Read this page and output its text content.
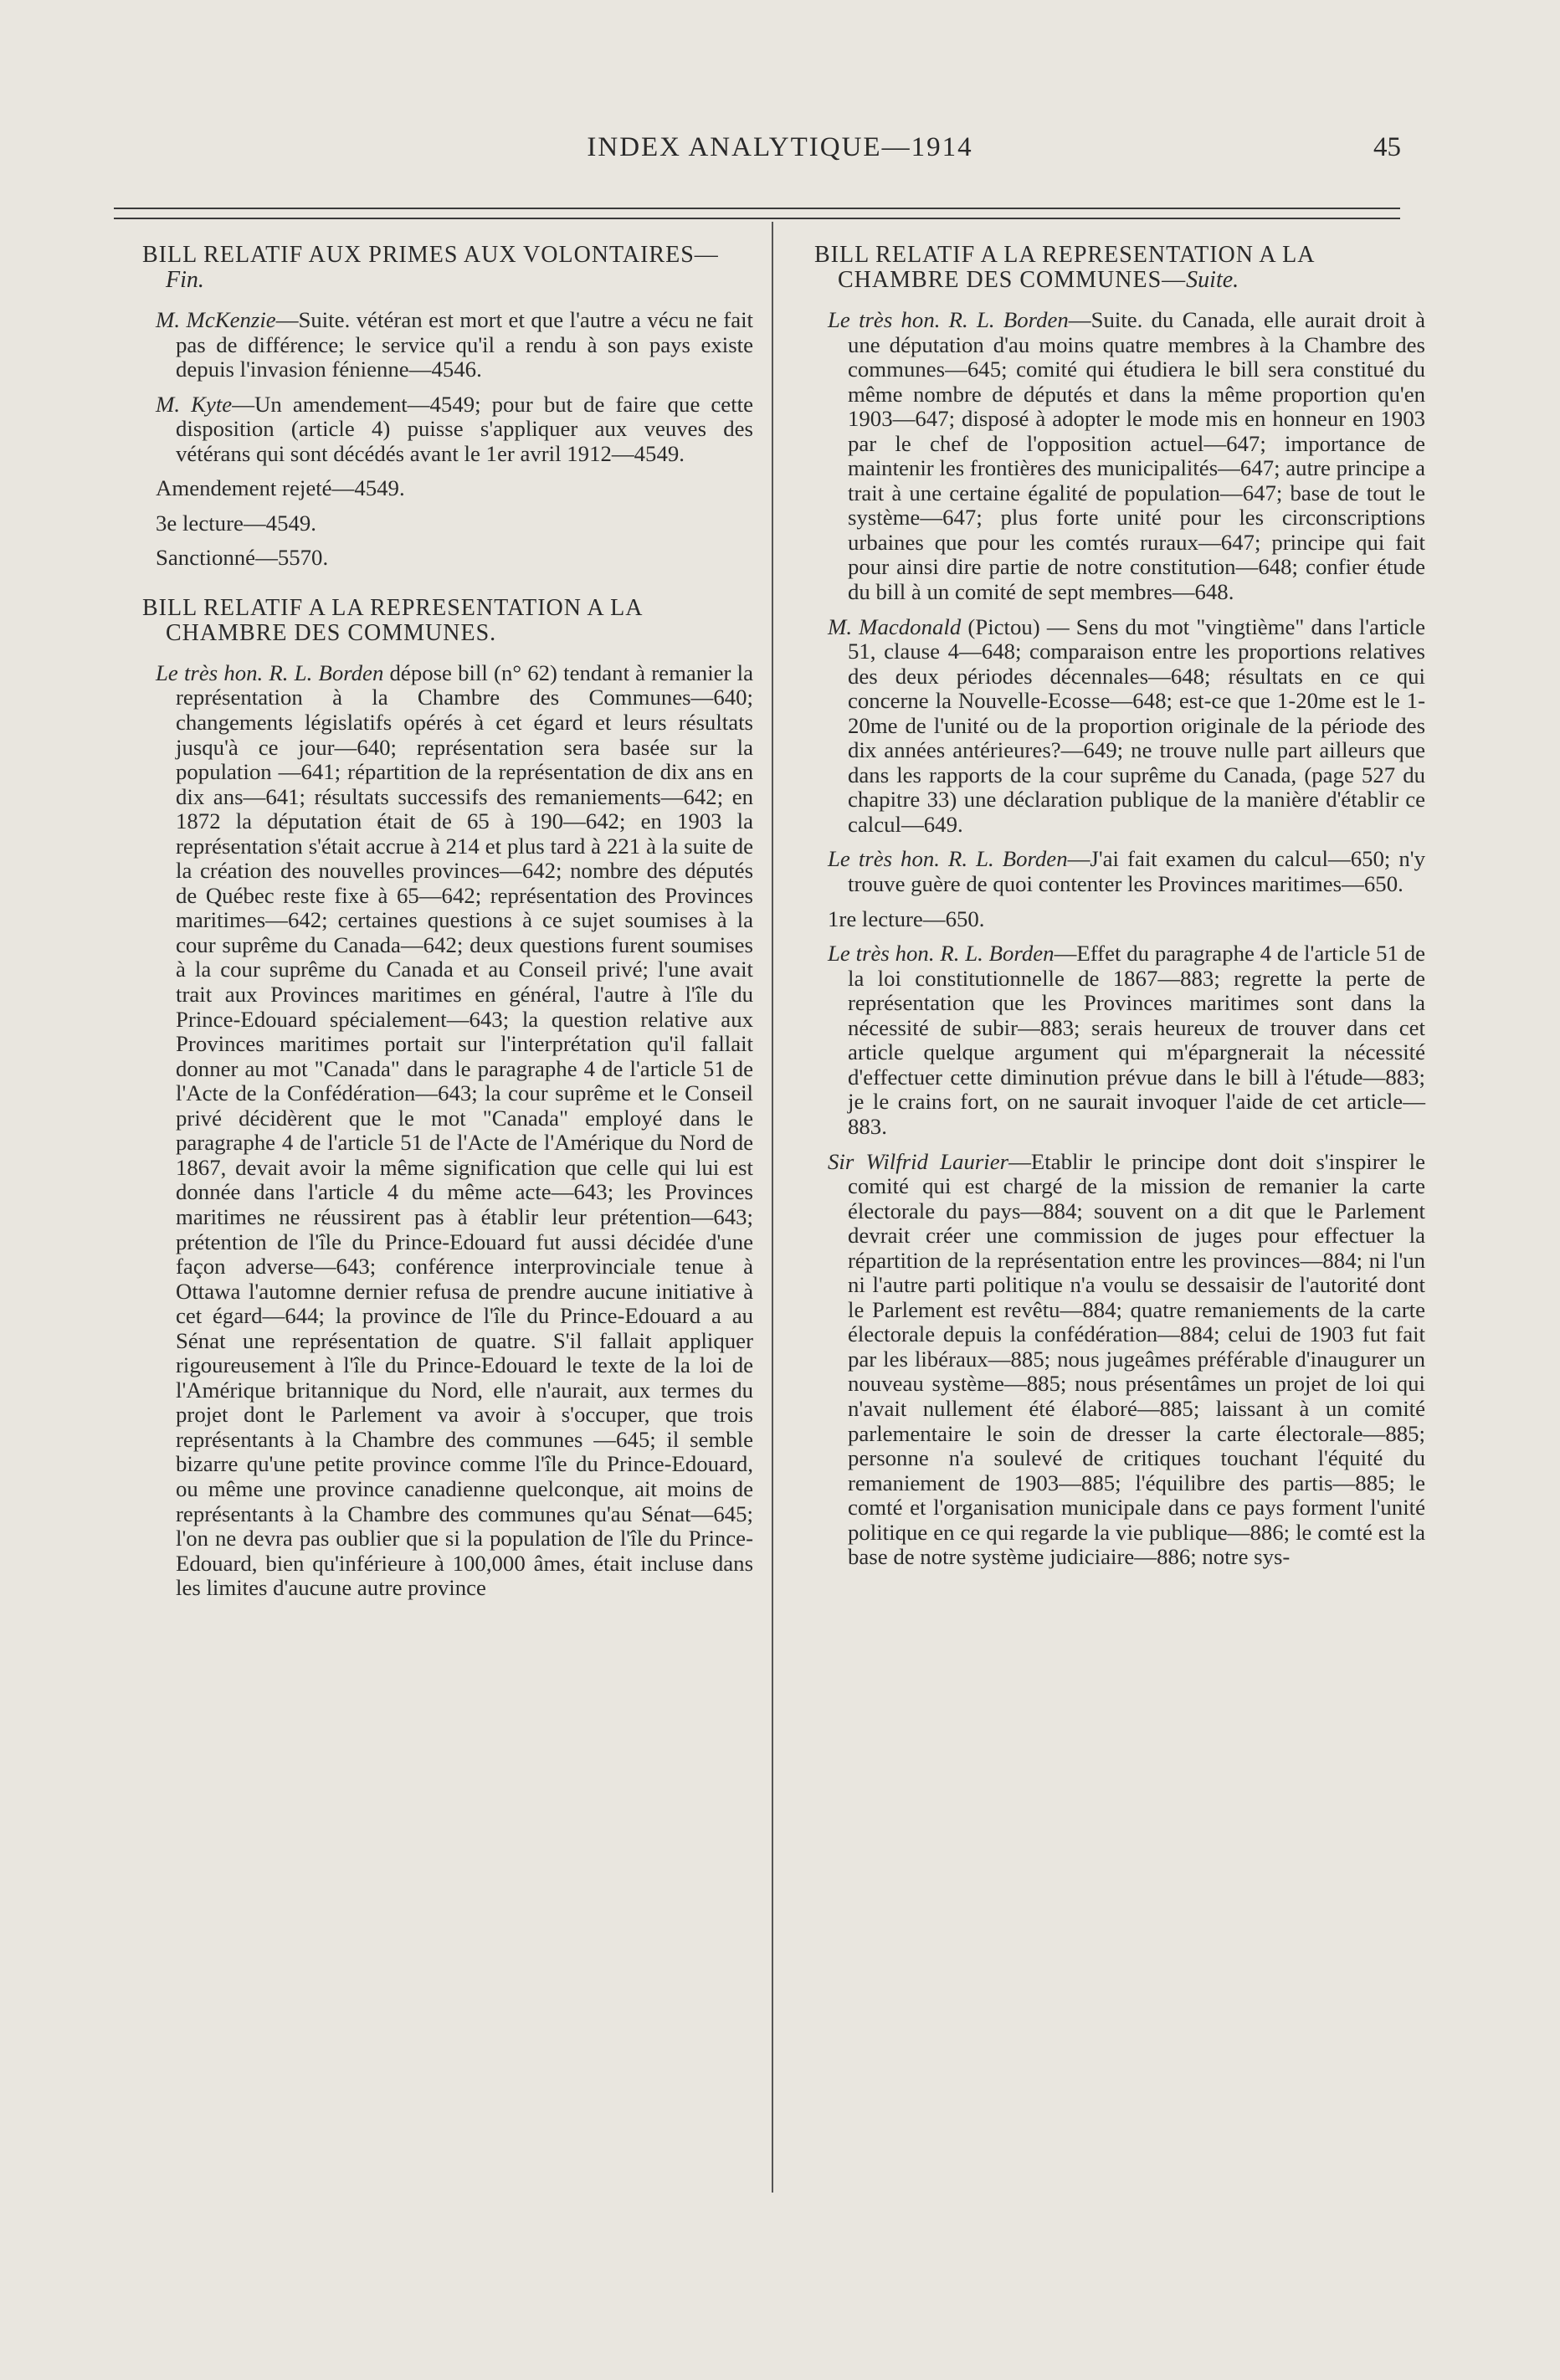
INDEX ANALYTIQUE—1914	45

BILL RELATIF AUX PRIMES AUX VOLONTAIRES—Fin.

M. McKenzie—Suite. vétéran est mort et que l'autre a vécu ne fait pas de différence; le service qu'il a rendu à son pays existe depuis l'invasion fénienne—4546.

M. Kyte—Un amendement—4549; pour but de faire que cette disposition (article 4) puisse s'appliquer aux veuves des vétérans qui sont décédés avant le 1er avril 1912—4549.

Amendement rejeté—4549.

3e lecture—4549.

Sanctionné—5570.

BILL RELATIF A LA REPRESENTATION A LA CHAMBRE DES COMMUNES.

Le très hon. R. L. Borden dépose bill (n° 62) tendant à remanier la représentation à la Chambre des Communes—640; changements législatifs opérés à cet égard et leurs résultats jusqu'à ce jour—640; représentation sera basée sur la population —641; répartition de la représentation de dix ans en dix ans—641; résultats successifs des remaniements—642; en 1872 la députation était de 65 à 190—642; en 1903 la représentation s'était accrue à 214 et plus tard à 221 à la suite de la création des nouvelles provinces—642; nombre des députés de Québec reste fixe à 65—642; représentation des Provinces maritimes—642; certaines questions à ce sujet soumises à la cour suprême du Canada—642; deux questions furent soumises à la cour suprême du Canada et au Conseil privé; l'une avait trait aux Provinces maritimes en général, l'autre à l'île du Prince-Edouard spécialement—643; la question relative aux Provinces maritimes portait sur l'interprétation qu'il fallait donner au mot "Canada" dans le paragraphe 4 de l'article 51 de l'Acte de la Confédération—643; la cour suprême et le Conseil privé décidèrent que le mot "Canada" employé dans le paragraphe 4 de l'article 51 de l'Acte de l'Amérique du Nord de 1867, devait avoir la même signification que celle qui lui est donnée dans l'article 4 du même acte—643; les Provinces maritimes ne réussirent pas à établir leur prétention—643; prétention de l'île du Prince-Edouard fut aussi décidée d'une façon adverse—643; conférence interprovinciale tenue à Ottawa l'automne dernier refusa de prendre aucune initiative à cet égard—644; la province de l'île du Prince-Edouard a au Sénat une représentation de quatre. S'il fallait appliquer rigoureusement à l'île du Prince-Edouard le texte de la loi de l'Amérique britannique du Nord, elle n'aurait, aux termes du projet dont le Parlement va avoir à s'occuper, que trois représentants à la Chambre des communes —645; il semble bizarre qu'une petite province comme l'île du Prince-Edouard, ou même une province canadienne quelconque, ait moins de représentants à la Chambre des communes qu'au Sénat—645; l'on ne devra pas oublier que si la population de l'île du Prince-Edouard, bien qu'inférieure à 100,000 âmes, était incluse dans les limites d'aucune autre province

BILL RELATIF A LA REPRESENTATION A LA CHAMBRE DES COMMUNES—Suite.

Le très hon. R. L. Borden—Suite. du Canada, elle aurait droit à une députation d'au moins quatre membres à la Chambre des communes—645; comité qui étudiera le bill sera constitué du même nombre de députés et dans la même proportion qu'en 1903—647; disposé à adopter le mode mis en honneur en 1903 par le chef de l'opposition actuel—647; importance de maintenir les frontières des municipalités—647; autre principe a trait à une certaine égalité de population—647; base de tout le système—647; plus forte unité pour les circonscriptions urbaines que pour les comtés ruraux—647; principe qui fait pour ainsi dire partie de notre constitution—648; confier étude du bill à un comité de sept membres—648.

M. Macdonald (Pictou) — Sens du mot "vingtième" dans l'article 51, clause 4—648; comparaison entre les proportions relatives des deux périodes décennales—648; résultats en ce qui concerne la Nouvelle-Ecosse—648; est-ce que 1-20me est le 1-20me de l'unité ou de la proportion originale de la période des dix années antérieures?—649; ne trouve nulle part ailleurs que dans les rapports de la cour suprême du Canada, (page 527 du chapitre 33) une déclaration publique de la manière d'établir ce calcul—649.

Le très hon. R. L. Borden—J'ai fait examen du calcul—650; n'y trouve guère de quoi contenter les Provinces maritimes—650.

1re lecture—650.

Le très hon. R. L. Borden—Effet du paragraphe 4 de l'article 51 de la loi constitutionnelle de 1867—883; regrette la perte de représentation que les Provinces maritimes sont dans la nécessité de subir—883; serais heureux de trouver dans cet article quelque argument qui m'épargnerait la nécessité d'effectuer cette diminution prévue dans le bill à l'étude—883; je le crains fort, on ne saurait invoquer l'aide de cet article—883.

Sir Wilfrid Laurier—Etablir le principe dont doit s'inspirer le comité qui est chargé de la mission de remanier la carte électorale du pays—884; souvent on a dit que le Parlement devrait créer une commission de juges pour effectuer la répartition de la représentation entre les provinces—884; ni l'un ni l'autre parti politique n'a voulu se dessaisir de l'autorité dont le Parlement est revêtu—884; quatre remaniements de la carte électorale depuis la confédération—884; celui de 1903 fut fait par les libéraux—885; nous jugeâmes préférable d'inaugurer un nouveau système—885; nous présentâmes un projet de loi qui n'avait nullement été élaboré—885; laissant à un comité parlementaire le soin de dresser la carte électorale—885; personne n'a soulevé de critiques touchant l'équité du remaniement de 1903—885; l'équilibre des partis—885; le comté et l'organisation municipale dans ce pays forment l'unité politique en ce qui regarde la vie publique—886; le comté est la base de notre système judiciaire—886; notre sys-
